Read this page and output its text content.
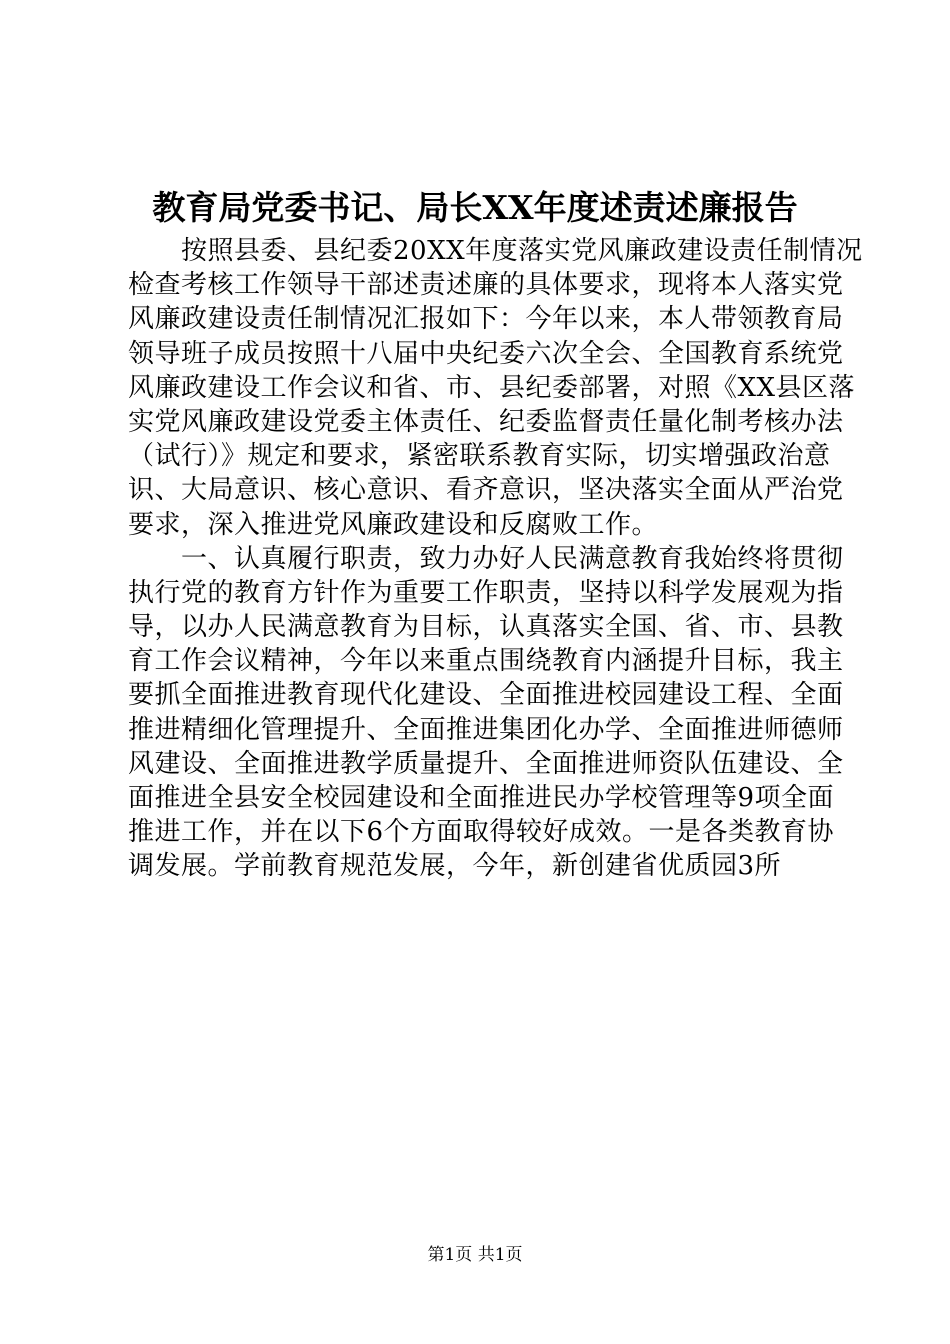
教育局党委书记、局长XX年度述责述廉报告
　　按照县委、县纪委20XX年度落实党风廉政建设责任制情况
检查考核工作领导干部述责述廉的具体要求，现将本人落实党
风廉政建设责任制情况汇报如下：今年以来，本人带领教育局
领导班子成员按照十八届中央纪委六次全会、全国教育系统党
风廉政建设工作会议和省、市、县纪委部署，对照《XX县区落
实党风廉政建设党委主体责任、纪委监督责任量化制考核办法
（试行）》规定和要求，紧密联系教育实际，切实增强政治意
识、大局意识、核心意识、看齐意识，坚决落实全面从严治党
要求，深入推进党风廉政建设和反腐败工作。
　　一、认真履行职责，致力办好人民满意教育我始终将贯彻
执行党的教育方针作为重要工作职责，坚持以科学发展观为指
导，以办人民满意教育为目标，认真落实全国、省、市、县教
育工作会议精神，今年以来重点围绕教育内涵提升目标，我主
要抓全面推进教育现代化建设、全面推进校园建设工程、全面
推进精细化管理提升、全面推进集团化办学、全面推进师德师
风建设、全面推进教学质量提升、全面推进师资队伍建设、全
面推进全县安全校园建设和全面推进民办学校管理等9项全面
推进工作，并在以下6个方面取得较好成效。一是各类教育协
调发展。学前教育规范发展，今年，新创建省优质园3所
第1页 共1页
